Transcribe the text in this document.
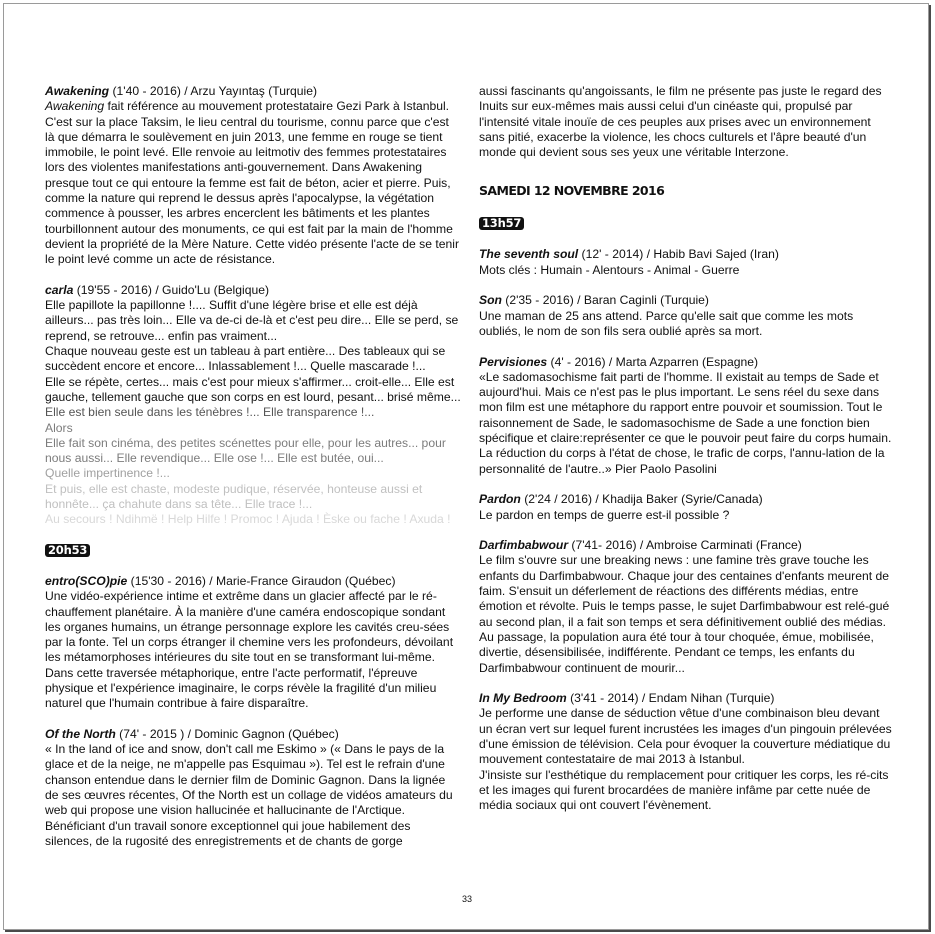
Awakening (1'40 - 2016) / Arzu Yayıntaş (Turquie)
Awakening fait référence au mouvement protestataire Gezi Park à Istanbul. C'est sur la place Taksim, le lieu central du tourisme, connu parce que c'est là que démarra le soulèvement en juin 2013, une femme en rouge se tient immobile, le point levé. Elle renvoie au leitmotiv des femmes protestataires lors des violentes manifestations anti-gouvernement. Dans Awakening presque tout ce qui entoure la femme est fait de béton, acier et pierre. Puis, comme la nature qui reprend le dessus après l'apocalypse, la végétation commence à pousser, les arbres encerclent les bâtiments et les plantes tourbillonnent autour des monuments, ce qui est fait par la main de l'homme devient la propriété de la Mère Nature. Cette vidéo présente l'acte de se tenir le point levé comme un acte de résistance.

carla (19'55 - 2016) / Guido'Lu (Belgique)

Elle papillote la papillonne !.... Suffit d'une légère brise et elle est déjà ailleurs... pas très loin... Elle va de-ci de-là et c'est peu dire... Elle se perd, se reprend, se retrouve... enfin pas vraiment...

Chaque nouveau geste est un tableau à part entière... Des tableaux qui se succèdent encore et encore... Inlassablement !... Quelle mascarade !...

Elle se répète, certes... mais c'est pour mieux s'affirmer... croit-elle... Elle est gauche, tellement gauche que son corps en est lourd, pesant... brisé même...

Elle est bien seule dans les ténèbres !... Elle transparence !...

Alors

Elle fait son cinéma, des petites scénettes pour elle, pour les autres... pour nous aussi... Elle revendique... Elle ose !... Elle est butée, oui...

Quelle impertinence !...

Et puis, elle est chaste, modeste pudique, réservée, honteuse aussi et honnête... ça chahute dans sa tête... Elle trace !...

Au secours ! Ndihmë ! Help Hilfe ! Promoc ! Ajuda ! Èske ou fache ! Axuda !

20h53

entro(SCO)pie (15'30 - 2016) / Marie-France Giraudon (Québec)

Une vidéo-expérience intime et extrême dans un glacier affecté par le ré-chauffement planétaire. À la manière d'une caméra endoscopique sondant les organes humains, un étrange personnage explore les cavités creu-sées par la fonte. Tel un corps étranger il chemine vers les profondeurs, dévoilant les métamorphoses intérieures du site tout en se transformant lui-même. Dans cette traversée métaphorique, entre l'acte performatif, l'épreuve physique et l'expérience imaginaire, le corps révèle la fragilité d'un milieu naturel que l'humain contribue à faire disparaître.

Of the North (74' - 2015 ) / Dominic Gagnon (Québec)

« In the land of ice and snow, don't call me Eskimo » (« Dans le pays de la glace et de la neige, ne m'appelle pas Esquimau »). Tel est le refrain d'une chanson entendue dans le dernier film de Dominic Gagnon. Dans la lignée de ses œuvres récentes, Of the North est un collage de vidéos amateurs du web qui propose une vision hallucinée et hallucinante de l'Arctique. Bénéficiant d'un travail sonore exceptionnel qui joue habilement des silences, de la rugosité des enregistrements et de chants de gorge

aussi fascinants qu'angoissants, le film ne présente pas juste le regard des Inuits sur eux-mêmes mais aussi celui d'un cinéaste qui, propulsé par l'intensité vitale inouïe de ces peuples aux prises avec un environnement sans pitié, exacerbe la violence, les chocs culturels et l'âpre beauté d'un monde qui devient sous ses yeux une véritable Interzone.

SAMEDI 12 NOVEMBRE 2016
13h57

The seventh soul (12' - 2014) / Habib Bavi Sajed (Iran)

Mots clés : Humain - Alentours - Animal - Guerre

Son (2'35 - 2016) / Baran Caginli (Turquie)

Une maman de 25 ans attend. Parce qu'elle sait que comme les mots oubliés, le nom de son fils sera oublié après sa mort.

Pervisiones (4' - 2016) / Marta Azparren (Espagne)

«Le sadomasochisme fait parti de l'homme. Il existait au temps de Sade et aujourd'hui. Mais ce n'est pas le plus important. Le sens réel du sexe dans mon film est une métaphore du rapport entre pouvoir et soumission. Tout le raisonnement de Sade, le sadomasochisme de Sade a une fonction bien spécifique et claire:représenter ce que le pouvoir peut faire du corps humain. La réduction du corps à l'état de chose, le trafic de corps, l'annu-lation de la personnalité de l'autre..» Pier Paolo Pasolini

Pardon (2'24 / 2016) / Khadija Baker (Syrie/Canada)

Le pardon en temps de guerre est-il possible ?

Darfimbabwour (7'41- 2016) / Ambroise Carminati (France)

Le film s'ouvre sur une breaking news : une famine très grave touche les enfants du Darfimbabwour. Chaque jour des centaines d'enfants meurent de faim. S'ensuit un déferlement de réactions des différents médias, entre émotion et révolte. Puis le temps passe, le sujet Darfimbabwour est relé-gué au second plan, il a fait son temps et sera définitivement oublié des médias. Au passage, la population aura été tour à tour choquée, émue, mobilisée, divertie, désensibilisée, indifférente. Pendant ce temps, les enfants du Darfimbabwour continuent de mourir...

In My Bedroom (3'41 - 2014) / Endam Nihan (Turquie)

Je performe une danse de séduction vêtue d'une combinaison bleu devant un écran vert sur lequel furent incrustées les images d'un pingouin prélevées d'une émission de télévision. Cela pour évoquer la couverture médiatique du mouvement contestataire de mai 2013 à Istanbul.

J'insiste sur l'esthétique du remplacement pour critiquer les corps, les ré-cits et les images qui furent brocardées de manière infâme par cette nuée de média sociaux qui ont couvert l'évènement.

33
